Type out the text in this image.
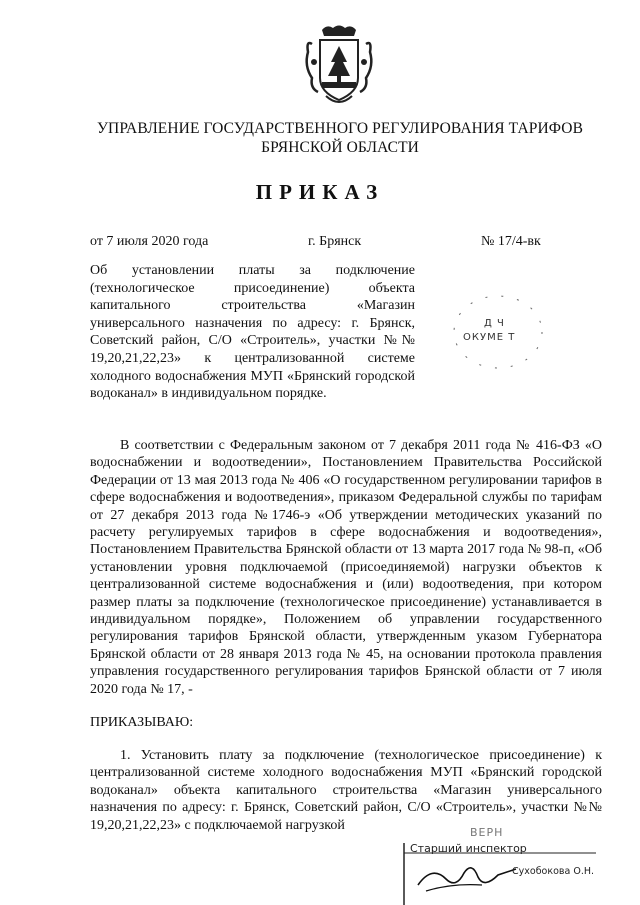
УПРАВЛЕНИЕ ГОСУДАРСТВЕННОГО РЕГУЛИРОВАНИЯ ТАРИФОВ
БРЯНСКОЙ ОБЛАСТИ
ПРИКАЗ
от 7 июля 2020 года	г. Брянск	№ 17/4-вк

Об установлении платы за подключение (технологическое присоединение) объекта капитального строительства «Магазин универсального назначения по адресу: г. Брянск, Советский район, С/О «Строитель», участки №№ 19,20,21,22,23» к централизованной системе холодного водоснабжения МУП «Брянский городской водоканал» в индивидуальном порядке.

Д Ч
ОКУМЕ Т

В соответствии с Федеральным законом от 7 декабря 2011 года № 416-ФЗ «О водоснабжении и водоотведении», Постановлением Правительства Российской Федерации от 13 мая 2013 года № 406 «О государственном регулировании тарифов в сфере водоснабжения и водоотведения», приказом Федеральной службы по тарифам от 27 декабря 2013 года №1746-э «Об утверждении методических указаний по расчету регулируемых тарифов в сфере водоснабжения и водоотведения», Постановлением Правительства Брянской области от 13 марта 2017 года № 98-п, «Об установлении уровня подключаемой (присоединяемой) нагрузки объектов к централизованной системе водоснабжения и (или) водоотведения, при котором размер платы за подключение (технологическое присоединение) устанавливается в индивидуальном порядке», Положением об управлении государственного регулирования тарифов Брянской области, утвержденным указом Губернатора Брянской области от 28 января 2013 года № 45, на основании протокола правления управления государственного регулирования тарифов Брянской области от 7 июля 2020 года № 17, -

ПРИКАЗЫВАЮ:

1. Установить плату за подключение (технологическое присоединение) к централизованной системе холодного водоснабжения МУП «Брянский городской водоканал» объекта капитального строительства «Магазин универсального назначения по адресу: г. Брянск, Советский район, С/О «Строитель», участки №№ 19,20,21,22,23» с подключаемой нагрузкой	ВЕРН
Старший инспектор
Сухобокова О.Н.
